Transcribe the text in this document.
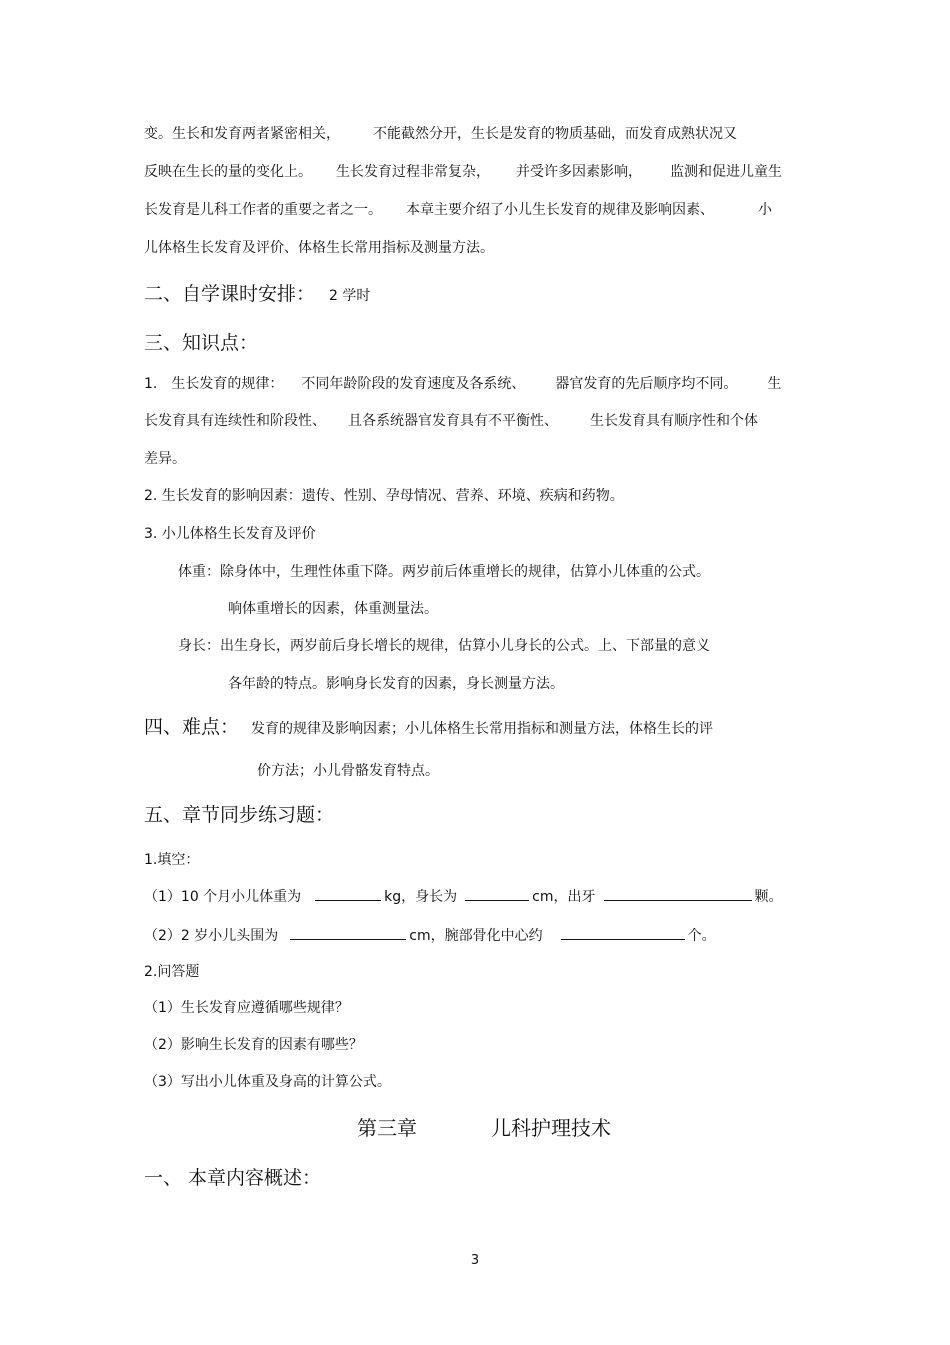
变。生长和发育两者紧密相关， 不能截然分开，生长是发育的物质基础，而发育成熟状况又
反映在生长的量的变化上。 生长发育过程非常复杂， 并受许多因素影响， 监测和促进儿童生
长发育是儿科工作者的重要之者之一。 本章主要介绍了小儿生长发育的规律及影响因素、	小
儿体格生长发育及评价、体格生长常用指标及测量方法。
二、自学课时安排： 2 学时
三、知识点：
1.　生长发育的规律： 不同年龄阶段的发育速度及各系统、 器官发育的先后顺序均不同。 生
长发育具有连续性和阶段性、 且各系统器官发育具有不平衡性、 生长发育具有顺序性和个体
差异。
2. 生长发育的影响因素：遗传、性别、孕母情况、营养、环境、疾病和药物。
3. 小儿体格生长发育及评价
体重：除身体中，生理性体重下降。两岁前后体重增长的规律，估算小儿体重的公式。
响体重增长的因素，体重测量法。
身长：出生身长，两岁前后身长增长的规律，估算小儿身长的公式。上、下部量的意义
各年龄的特点。影响身长发育的因素，身长测量方法。
四、难点： 发育的规律及影响因素；小儿体格生长常用指标和测量方法，体格生长的评
价方法；小儿骨骼发育特点。
五、章节同步练习题：
1.填空：
（1）10 个月小儿体重为	kg，身长为	cm，出牙	颗。
（2）2 岁小儿头围为	cm，腕部骨化中心约	个。
2.问答题
（1）生长发育应遵循哪些规律？
（2）影响生长发育的因素有哪些？
（3）写出小儿体重及身高的计算公式。
第三章	儿科护理技术
一、 本章内容概述：
3
